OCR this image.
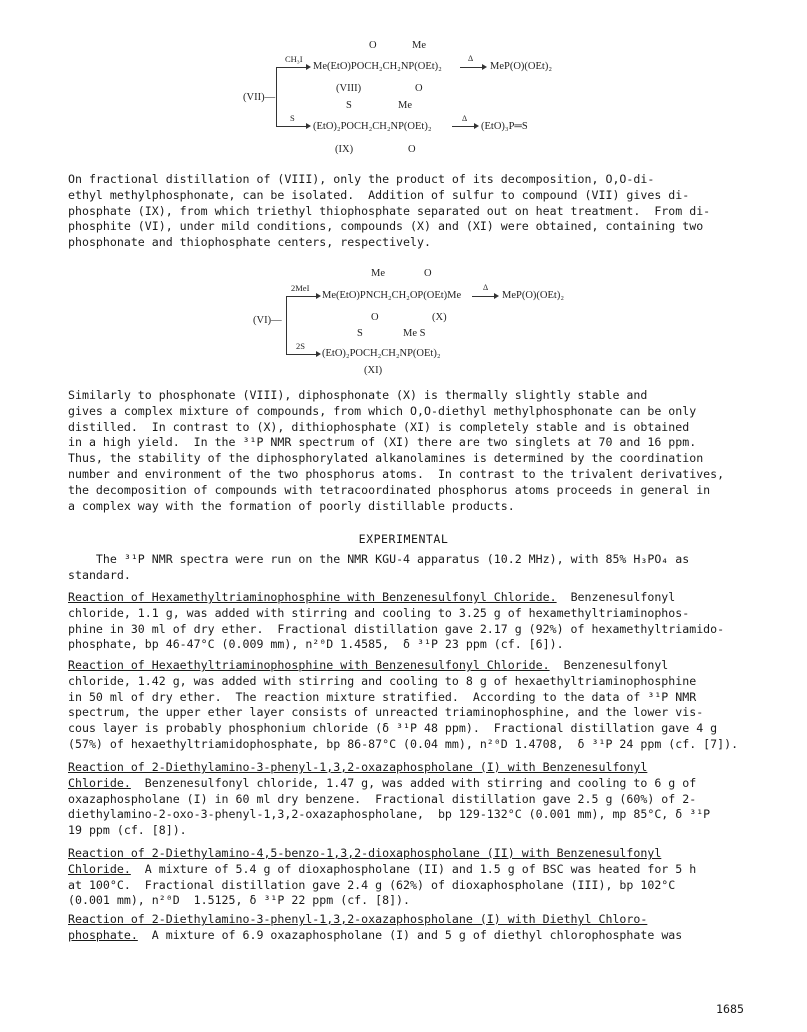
O	Me
CH₃I
Me(EtO)POCH₂CH₂NP(OEt)₂
Δ
MeP(O)(OEt)₂
(VIII)	O
(VII)—
S	Me
S
(EtO)₂POCH₂CH₂NP(OEt)₂
Δ
(EtO)₃P═S
(IX)	O

On fractional distillation of (VIII), only the product of its decomposition, O,O-di-
ethyl methylphosphonate, can be isolated.  Addition of sulfur to compound (VII) gives di-
phosphate (IX), from which triethyl thiophosphate separated out on heat treatment.  From di-
phosphite (VI), under mild conditions, compounds (X) and (XI) were obtained, containing two
phosphonate and thiophosphate centers, respectively.

Me	O
2MeI
Me(EtO)PNCH₂CH₂OP(OEt)Me
Δ
MeP(O)(OEt)₂
(VI)—	O	(X)
S	Me S
2S
(EtO)₂POCH₂CH₂NP(OEt)₂
(XI)

Similarly to phosphonate (VIII), diphosphonate (X) is thermally slightly stable and
gives a complex mixture of compounds, from which O,O-diethyl methylphosphonate can be only
distilled.  In contrast to (X), dithiophosphate (XI) is completely stable and is obtained
in a high yield.  In the ³¹P NMR spectrum of (XI) there are two singlets at 70 and 16 ppm.
Thus, the stability of the diphosphorylated alkanolamines is determined by the coordination
number and environment of the two phosphorus atoms.  In contrast to the trivalent derivatives,
the decomposition of compounds with tetracoordinated phosphorus atoms proceeds in general in
a complex way with the formation of poorly distillable products.

EXPERIMENTAL

The ³¹P NMR spectra were run on the NMR KGU-4 apparatus (10.2 MHz), with 85% H₃PO₄ as
standard.

Reaction of Hexamethyltriaminophosphine with Benzenesulfonyl Chloride.  Benzenesulfonyl
chloride, 1.1 g, was added with stirring and cooling to 3.25 g of hexamethyltriaminophos-
phine in 30 ml of dry ether.  Fractional distillation gave 2.17 g (92%) of hexamethyltriamido-
phosphate, bp 46-47°C (0.009 mm), n²⁰D 1.4585,  δ ³¹P 23 ppm (cf. [6]).

Reaction of Hexaethyltriaminophosphine with Benzenesulfonyl Chloride.  Benzenesulfonyl
chloride, 1.42 g, was added with stirring and cooling to 8 g of hexaethyltriaminophosphine
in 50 ml of dry ether.  The reaction mixture stratified.  According to the data of ³¹P NMR
spectrum, the upper ether layer consists of unreacted triaminophosphine, and the lower vis-
cous layer is probably phosphonium chloride (δ ³¹P 48 ppm).  Fractional distillation gave 4 g
(57%) of hexaethyltriamidophosphate, bp 86-87°C (0.04 mm), n²⁰D 1.4708,  δ ³¹P 24 ppm (cf. [7]).

Reaction of 2-Diethylamino-3-phenyl-1,3,2-oxazaphospholane (I) with Benzenesulfonyl
Chloride.  Benzenesulfonyl chloride, 1.47 g, was added with stirring and cooling to 6 g of
oxazaphospholane (I) in 60 ml dry benzene.  Fractional distillation gave 2.5 g (60%) of 2-
diethylamino-2-oxo-3-phenyl-1,3,2-oxazaphospholane,  bp 129-132°C (0.001 mm), mp 85°C, δ ³¹P
19 ppm (cf. [8]).

Reaction of 2-Diethylamino-4,5-benzo-1,3,2-dioxaphospholane (II) with Benzenesulfonyl
Chloride.  A mixture of 5.4 g of dioxaphospholane (II) and 1.5 g of BSC was heated for 5 h
at 100°C.  Fractional distillation gave 2.4 g (62%) of dioxaphospholane (III), bp 102°C
(0.001 mm), n²⁰D  1.5125, δ ³¹P 22 ppm (cf. [8]).

Reaction of 2-Diethylamino-3-phenyl-1,3,2-oxazaphospholane (I) with Diethyl Chloro-
phosphate.  A mixture of 6.9 oxazaphospholane (I) and 5 g of diethyl chlorophosphate was

1685
